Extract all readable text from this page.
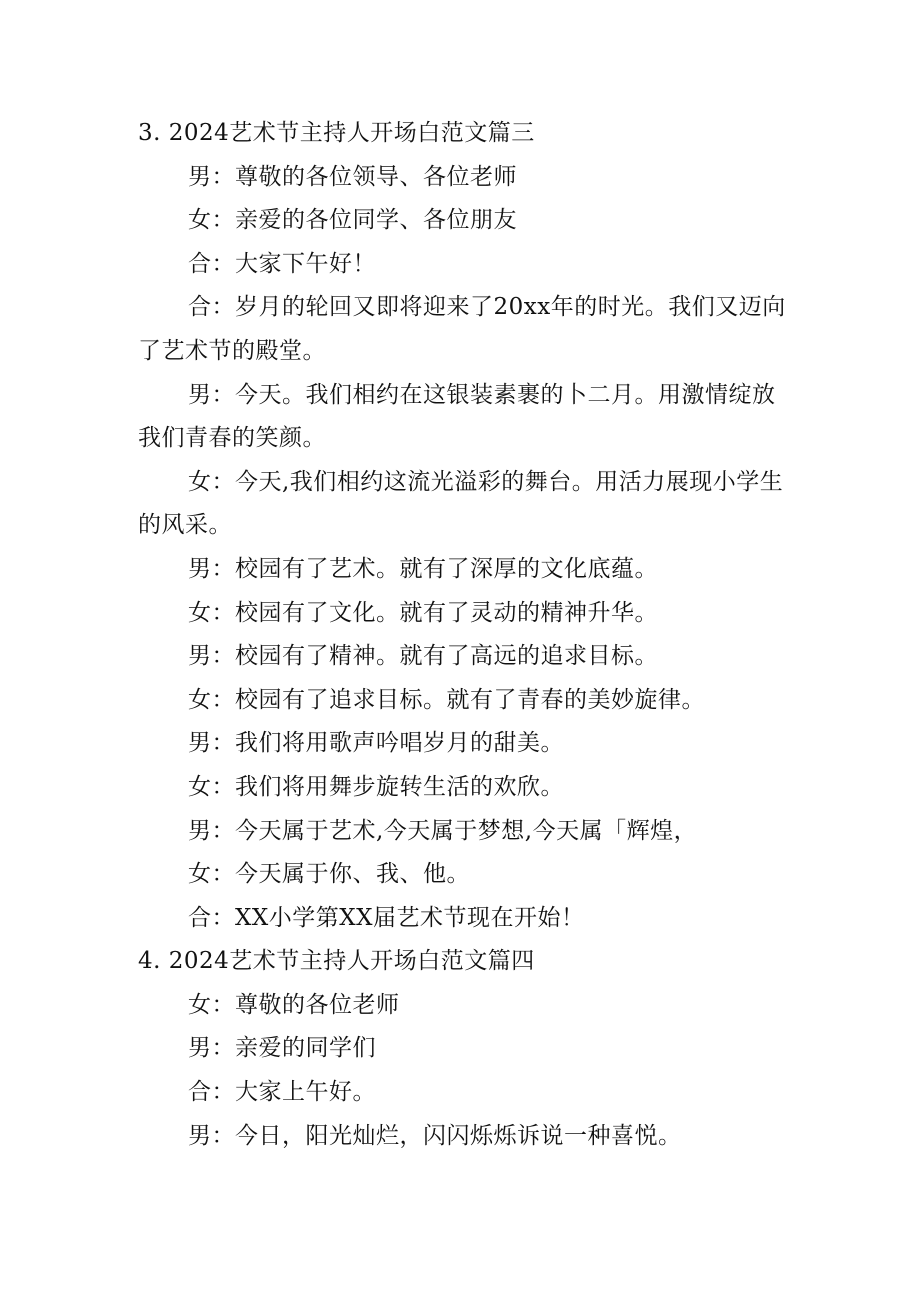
3. 2024艺术节主持人开场白范文篇三

男：尊敬的各位领导、各位老师

女：亲爱的各位同学、各位朋友

合：大家下午好！

合：岁月的轮回又即将迎来了20xx年的时光。我们又迈向了艺术节的殿堂。

男：今天。我们相约在这银装素裹的卜二月。用激情绽放我们青春的笑颜。

女：今天,我们相约这流光溢彩的舞台。用活力展现小学生的风采。

男：校园有了艺术。就有了深厚的文化底蕴。

女：校园有了文化。就有了灵动的精神升华。

男：校园有了精神。就有了高远的追求目标。

女：校园有了追求目标。就有了青春的美妙旋律。

男：我们将用歌声吟唱岁月的甜美。

女：我们将用舞步旋转生活的欢欣。

男：今天属于艺术,今天属于梦想,今天属「辉煌，

女：今天属于你、我、他。

合：XX小学第XX届艺术节现在开始！

4. 2024艺术节主持人开场白范文篇四

女：尊敬的各位老师

男：亲爱的同学们

合：大家上午好。

男：今日，阳光灿烂，闪闪烁烁诉说一种喜悦。
